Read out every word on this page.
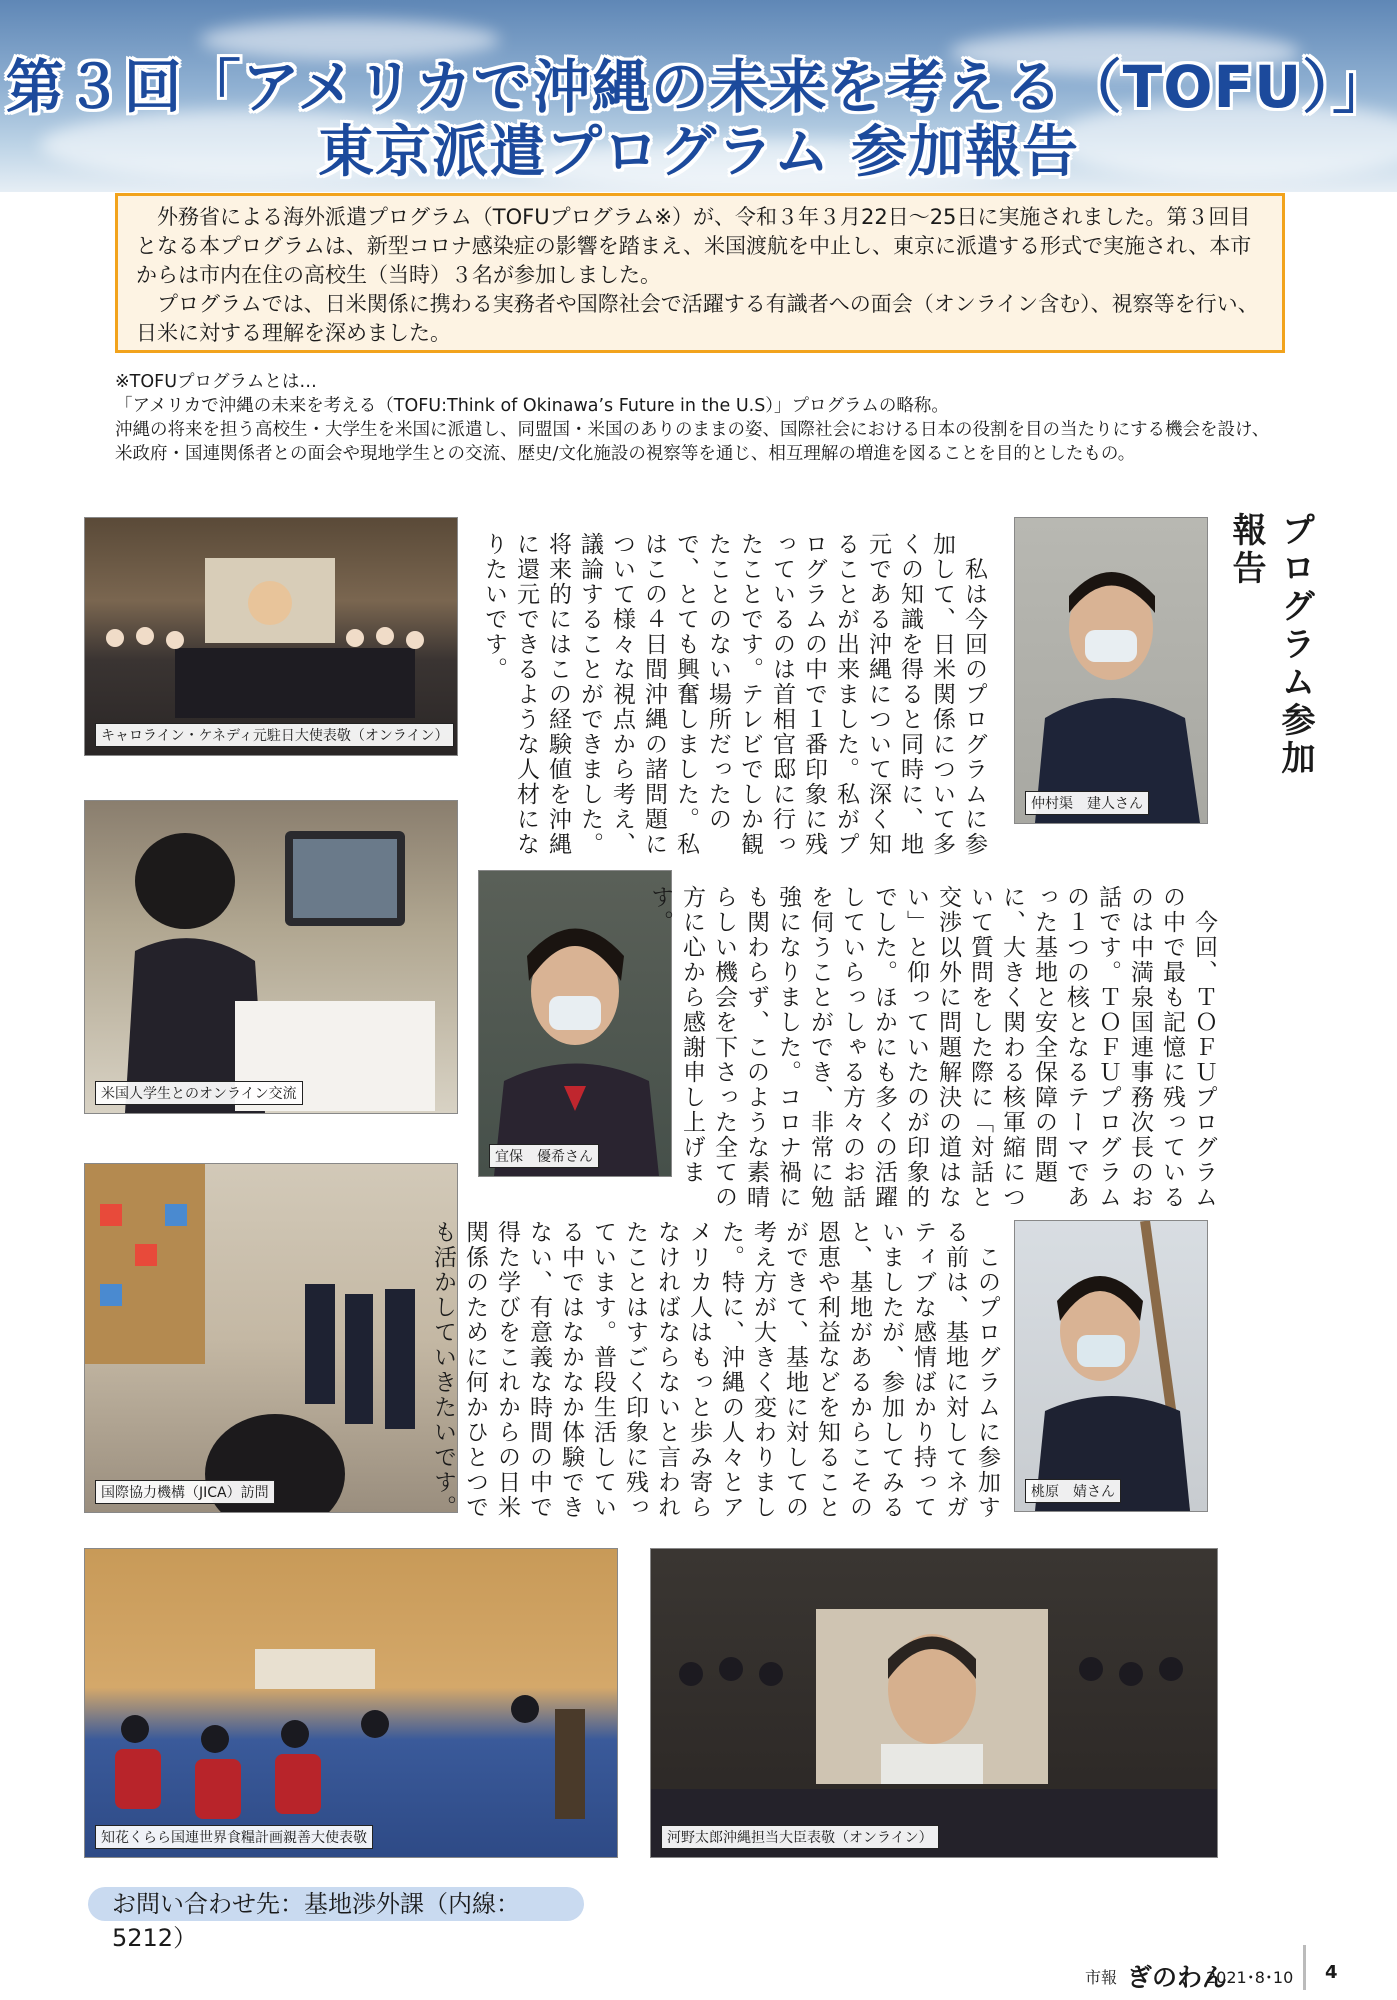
第３回「アメリカで沖縄の未来を考える（TOFU）」
東京派遣プログラム 参加報告

　外務省による海外派遣プログラム（TOFUプログラム※）が、令和３年３月22日～25日に実施されました。第３回目となる本プログラムは、新型コロナ感染症の影響を踏まえ、米国渡航を中止し、東京に派遣する形式で実施され、本市からは市内在住の高校生（当時）３名が参加しました。

　プログラムでは、日米関係に携わる実務者や国際社会で活躍する有識者への面会（オンライン含む）、視察等を行い、日米に対する理解を深めました。

※TOFUプログラムとは…
「アメリカで沖縄の未来を考える（TOFU:Think of Okinawa’s Future in the U.S）」プログラムの略称。
沖縄の将来を担う高校生・大学生を米国に派遣し、同盟国・米国のありのままの姿、国際社会における日本の役割を目の当たりにする機会を設け、
米政府・国連関係者との面会や現地学生との交流、歴史/文化施設の視察等を通じ、相互理解の増進を図ることを目的としたもの。
プログラム参加報告
キャロライン・ケネディ元駐日大使表敬（オンライン）
仲村渠　建人さん
　私は今回のプログラムに参加して、日米関係について多くの知識を得ると同時に、地元である沖縄について深く知ることが出来ました。私がプログラムの中で１番印象に残っているのは首相官邸に行ったことです。テレビでしか観たことのない場所だったので、とても興奮しました。私はこの４日間沖縄の諸問題について様々な視点から考え、議論することができました。将来的にはこの経験値を沖縄に還元できるような人材になりたいです。
米国人学生とのオンライン交流
宜保　優希さん	　今回、ＴＯＦＵプログラムの中で最も記憶に残っているのは中満泉国連事務次長のお話です。ＴＯＦＵプログラムの１つの核となるテーマであった基地と安全保障の問題に、大きく関わる核軍縮について質問をした際に「対話と交渉以外に問題解決の道はない」と仰っていたのが印象的でした。ほかにも多くの活躍していらっしゃる方々のお話を伺うことができ、非常に勉強になりました。コロナ禍にも関わらず、このような素晴らしい機会を下さった全ての方に心から感謝申し上げます。
国際協力機構（JICA）訪問	桃原　婧さん
　このプログラムに参加する前は、基地に対してネガティブな感情ばかり持っていましたが、参加してみると、基地があるからこその恩恵や利益などを知ることができて、基地に対しての考え方が大きく変わりました。特に、沖縄の人々とアメリカ人はもっと歩み寄らなければならないと言われたことはすごく印象に残っています。普段生活している中ではなかなか体験できない、有意義な時間の中で得た学びをこれからの日米関係のために何かひとつでも活かしていきたいです。
知花くらら国連世界食糧計画親善大使表敬	河野太郎沖縄担当大臣表敬（オンライン）
お問い合わせ先：基地渉外課（内線：5212）
市報 ぎのわん
2021･8･10 4
